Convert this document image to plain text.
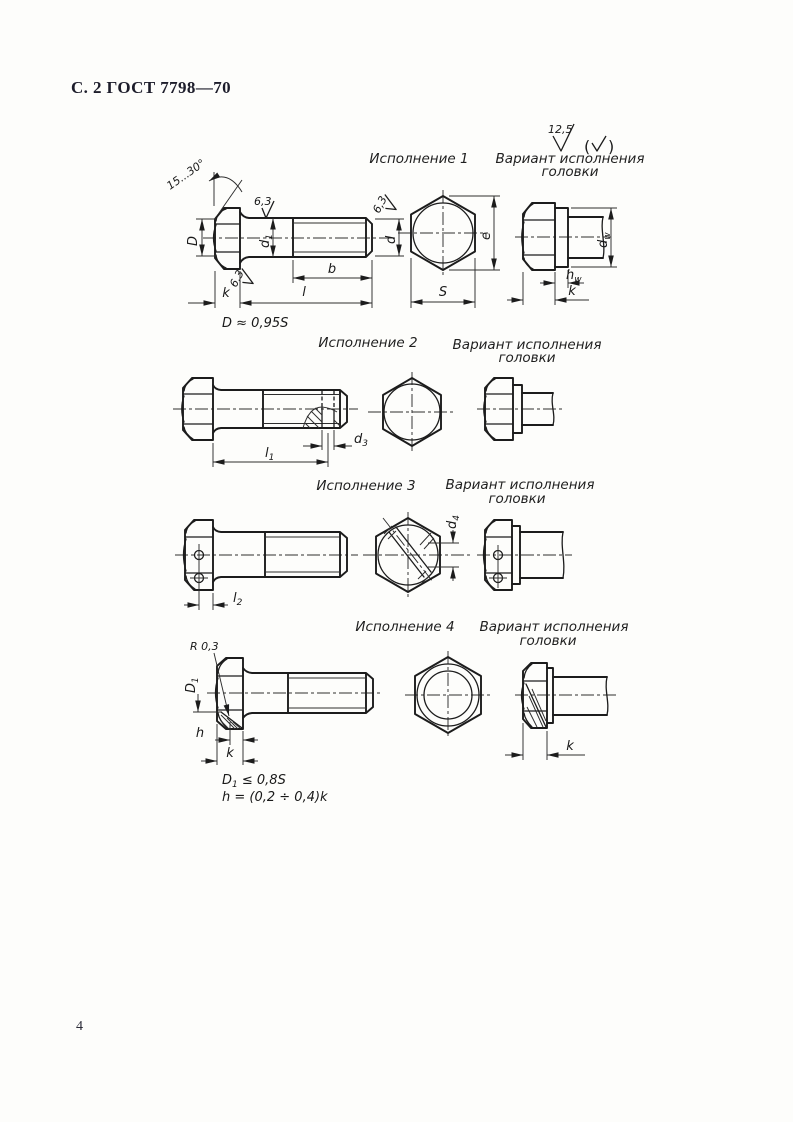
С. 2 ГОСТ 7798—70
Исполнение 1 Вариант исполнения
головки
Исполнение 2	Вариант исполнения
головки
Исполнение 3 Вариант исполнения
головки
Исполнение 4 Вариант исполнения
головки
12,5
( )
15...30°
6,3	6,3
6,3
D	$d_1$	d
b
k	l
D ≈ 0,95S
e
S
$d_w$
$h_w$
k
$d_3$
$l_1$
$l_2$
$d_4$
R 0,3
$D_1$
h
k
$D_1 \le 0,8S$
h = (0,2 ÷ 0,4)k
k
4
